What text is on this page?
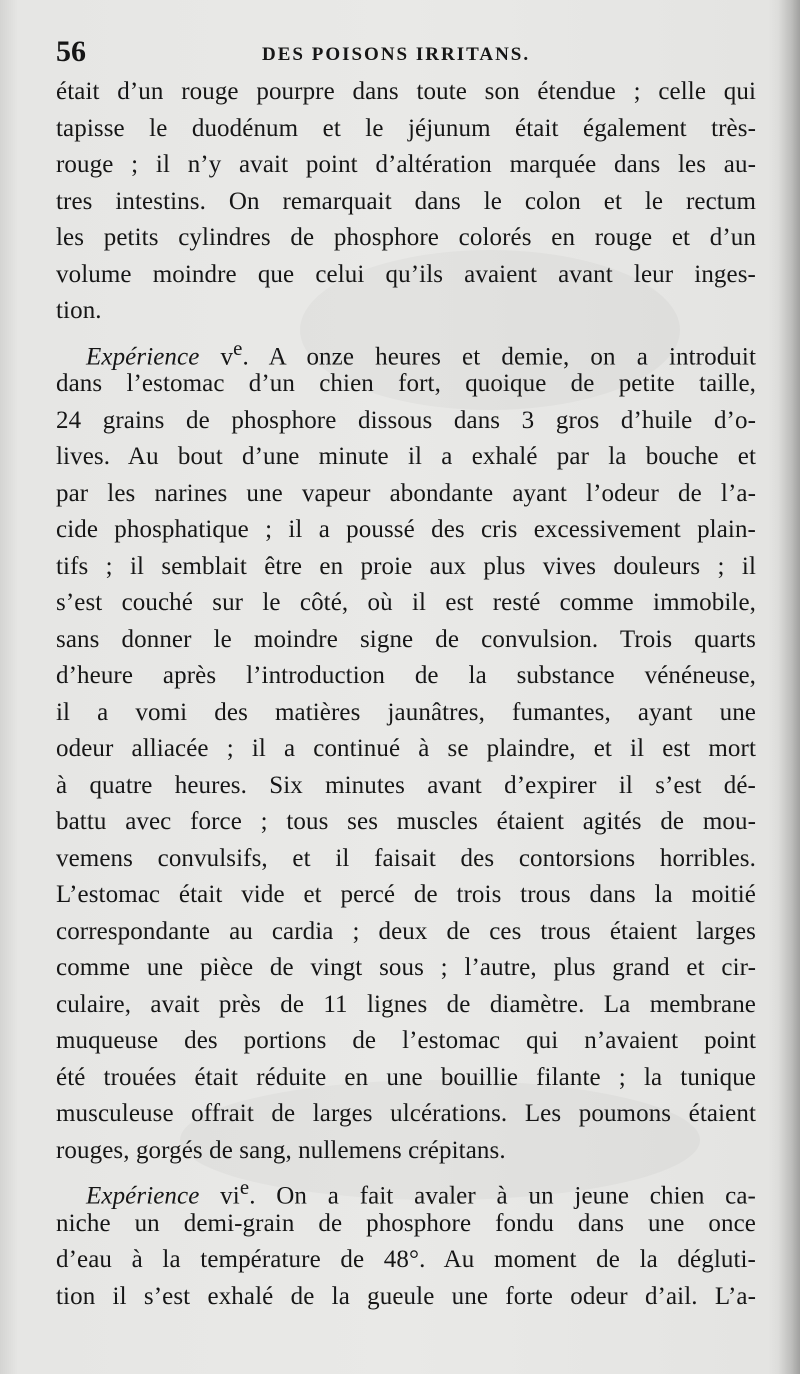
56	DES POISONS IRRITANS.
était d’un rouge pourpre dans toute son étendue ; celle qui
tapisse le duodénum et le jéjunum était également très-
rouge ; il n’y avait point d’altération marquée dans les au-
tres intestins. On remarquait dans le colon et le rectum
les petits cylindres de phosphore colorés en rouge et d’un
volume moindre que celui qu’ils avaient avant leur inges-
tion.
Expérience $v^e$. A onze heures et demie, on a introduit
dans l’estomac d’un chien fort, quoique de petite taille,
24 grains de phosphore dissous dans 3 gros d’huile d’o-
lives. Au bout d’une minute il a exhalé par la bouche et
par les narines une vapeur abondante ayant l’odeur de l’a-
cide phosphatique ; il a poussé des cris excessivement plain-
tifs ; il semblait être en proie aux plus vives douleurs ; il
s’est couché sur le côté, où il est resté comme immobile,
sans donner le moindre signe de convulsion. Trois quarts
d’heure après l’introduction de la substance vénéneuse,
il a vomi des matières jaunâtres, fumantes, ayant une
odeur alliacée ; il a continué à se plaindre, et il est mort
à quatre heures. Six minutes avant d’expirer il s’est dé-
battu avec force ; tous ses muscles étaient agités de mou-
vemens convulsifs, et il faisait des contorsions horribles.
L’estomac était vide et percé de trois trous dans la moitié
correspondante au cardia ; deux de ces trous étaient larges
comme une pièce de vingt sous ; l’autre, plus grand et cir-
culaire, avait près de 11 lignes de diamètre. La membrane
muqueuse des portions de l’estomac qui n’avaient point
été trouées était réduite en une bouillie filante ; la tunique
musculeuse offrait de larges ulcérations. Les poumons étaient
rouges, gorgés de sang, nullemens crépitans.
Expérience $vi^e$. On a fait avaler à un jeune chien ca-
niche un demi-grain de phosphore fondu dans une once
d’eau à la température de 48°. Au moment de la dégluti-
tion il s’est exhalé de la gueule une forte odeur d’ail. L’a-
